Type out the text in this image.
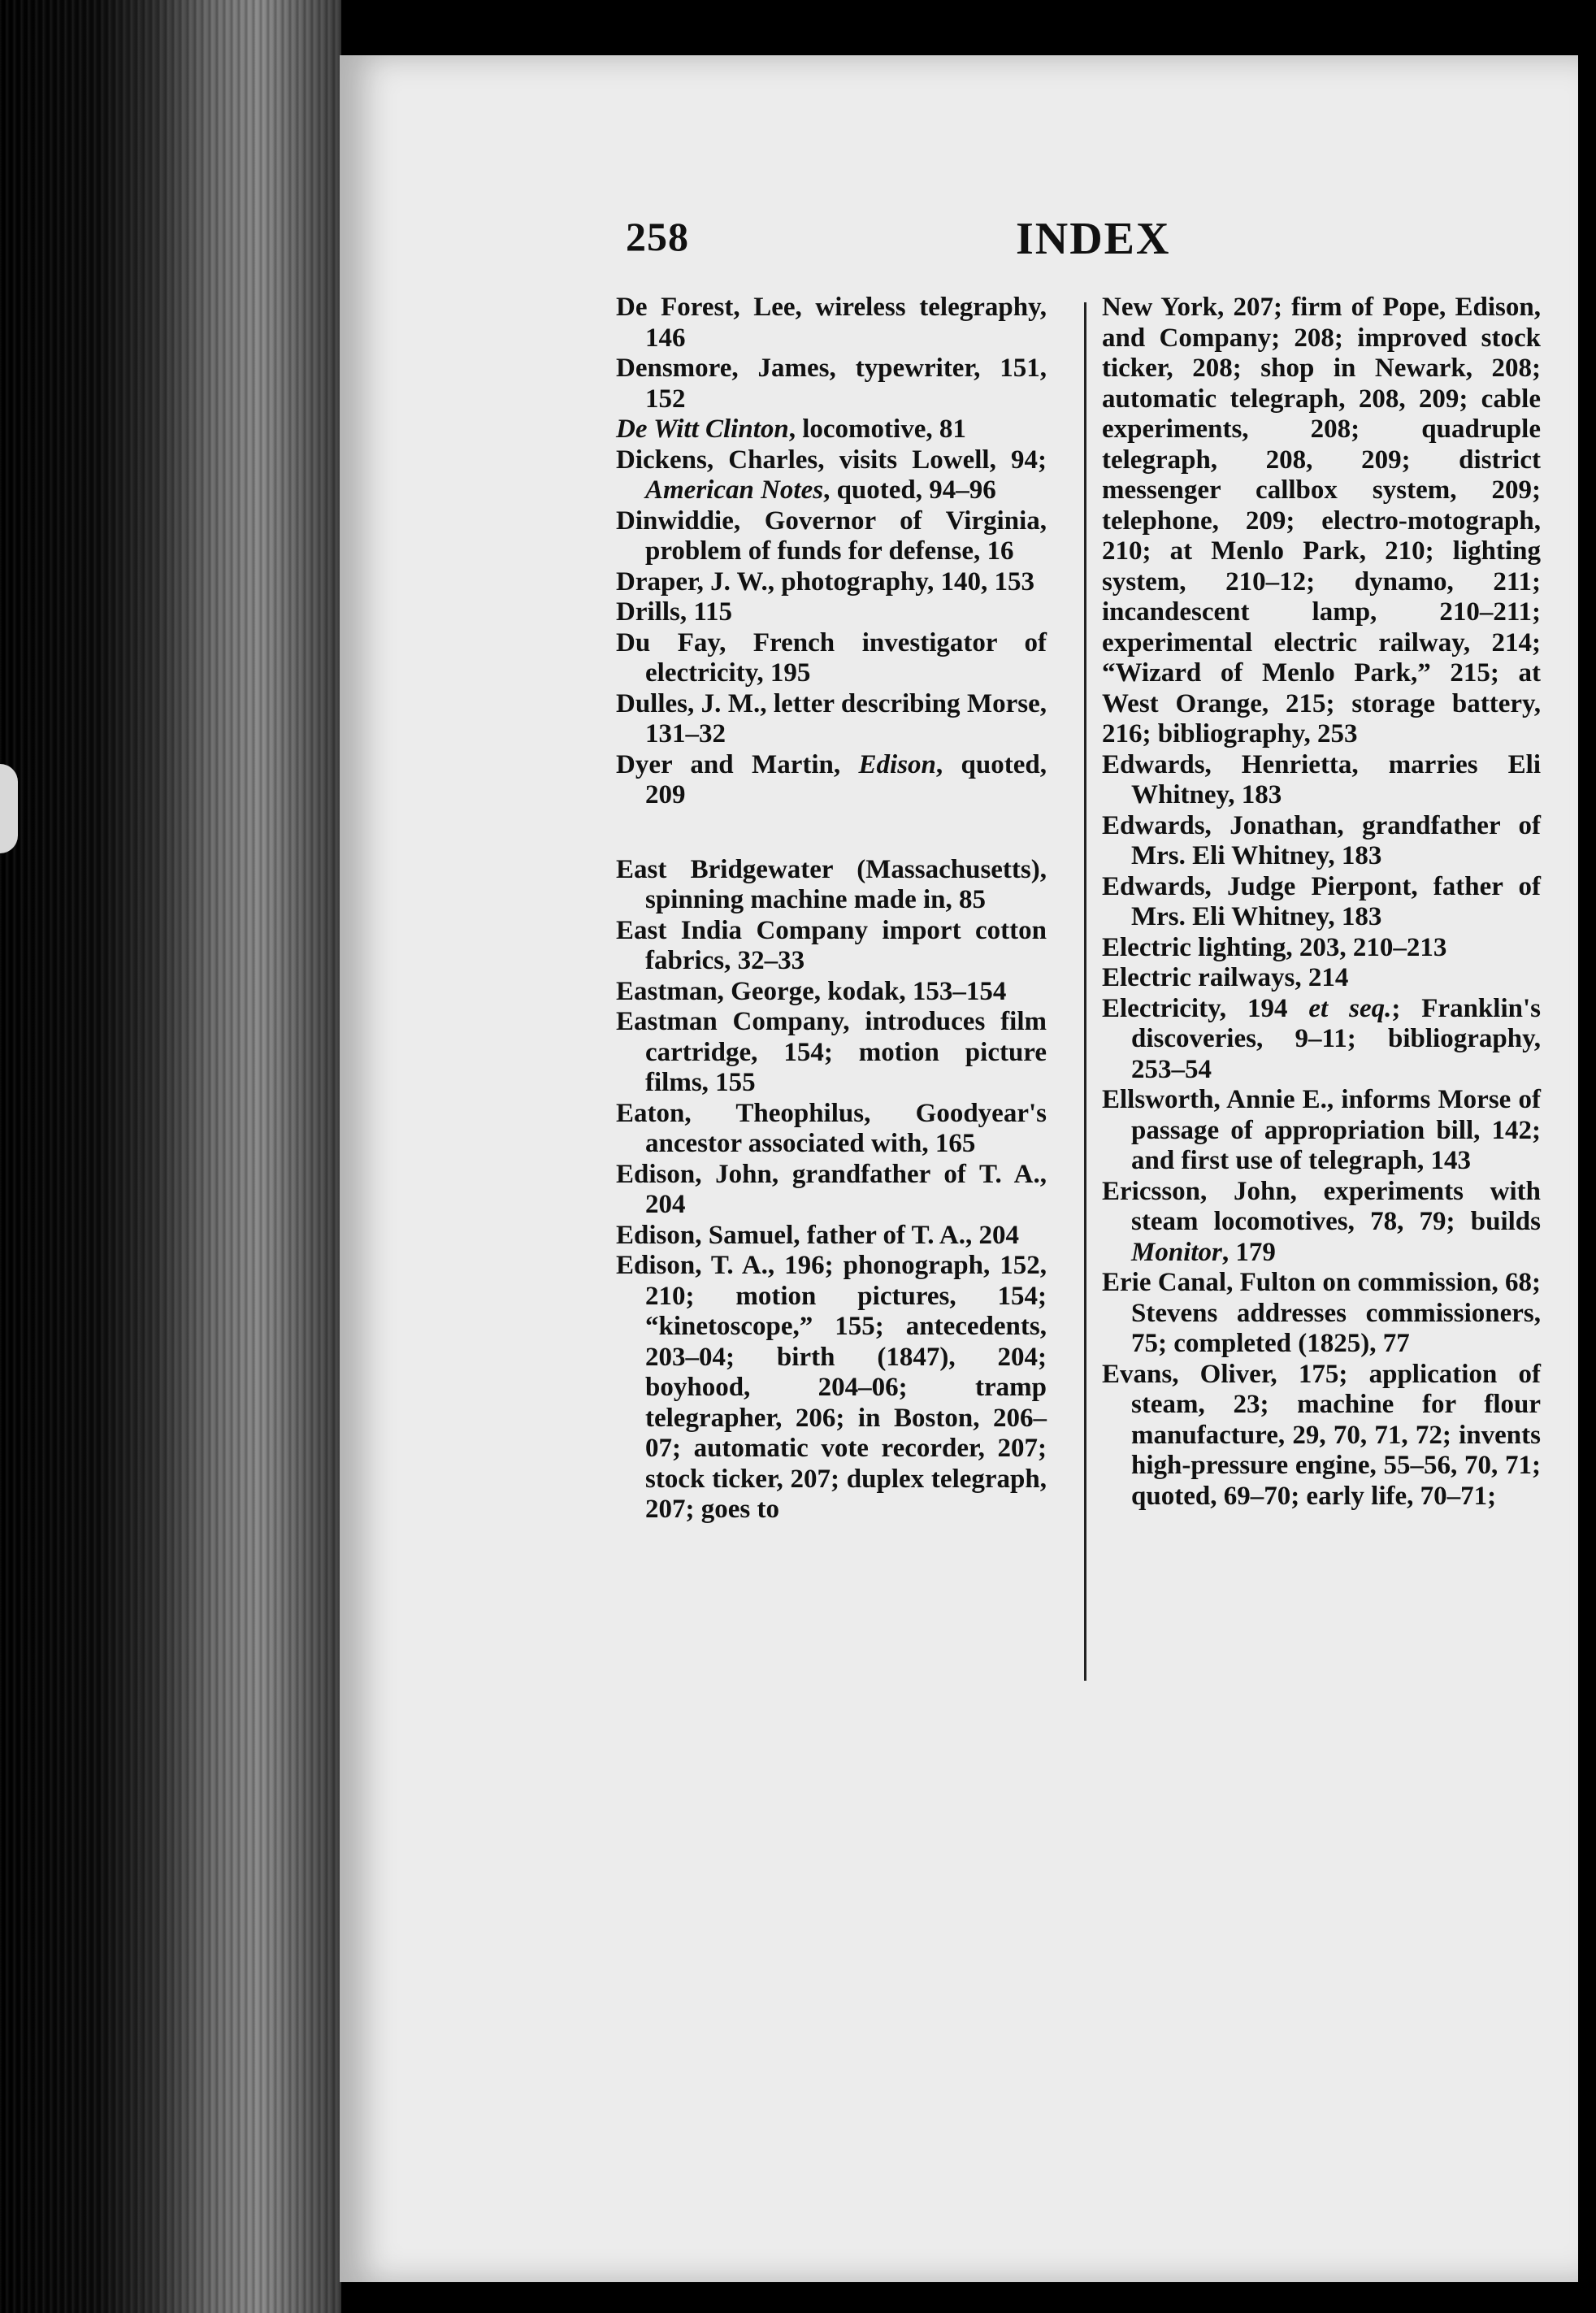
258	INDEX
De Forest, Lee, wireless telegraphy, 146
Densmore, James, typewriter, 151, 152
De Witt Clinton, locomotive, 81
Dickens, Charles, visits Lowell, 94; American Notes, quoted, 94–96
Dinwiddie, Governor of Virginia, problem of funds for defense, 16
Draper, J. W., photography, 140, 153
Drills, 115
Du Fay, French investigator of electricity, 195
Dulles, J. M., letter describing Morse, 131–32
Dyer and Martin, Edison, quoted, 209
East Bridgewater (Massachusetts), spinning machine made in, 85
East India Company import cotton fabrics, 32–33
Eastman, George, kodak, 153–154
Eastman Company, introduces film cartridge, 154; motion picture films, 155
Eaton, Theophilus, Goodyear's ancestor associated with, 165
Edison, John, grandfather of T. A., 204
Edison, Samuel, father of T. A., 204
Edison, T. A., 196; phonograph, 152, 210; motion pictures, 154; “kinetoscope,” 155; antecedents, 203–04; birth (1847), 204; boyhood, 204–06; tramp telegrapher, 206; in Boston, 206–07; automatic vote recorder, 207; stock ticker, 207; duplex telegraph, 207; goes to
New York, 207; firm of Pope, Edison, and Company; 208; improved stock ticker, 208; shop in Newark, 208; automatic telegraph, 208, 209; cable experiments, 208; quadruple telegraph, 208, 209; district messenger callbox system, 209; telephone, 209; electro-motograph, 210; at Menlo Park, 210; lighting system, 210–12; dynamo, 211; incandescent lamp, 210–211; experimental electric railway, 214; “Wizard of Menlo Park,” 215; at West Orange, 215; storage battery, 216; bibliography, 253
Edwards, Henrietta, marries Eli Whitney, 183
Edwards, Jonathan, grandfather of Mrs. Eli Whitney, 183
Edwards, Judge Pierpont, father of Mrs. Eli Whitney, 183
Electric lighting, 203, 210–213
Electric railways, 214
Electricity, 194 et seq.; Franklin's discoveries, 9–11; bibliography, 253–54
Ellsworth, Annie E., informs Morse of passage of appropriation bill, 142; and first use of telegraph, 143
Ericsson, John, experiments with steam locomotives, 78, 79; builds Monitor, 179
Erie Canal, Fulton on commission, 68; Stevens addresses commissioners, 75; completed (1825), 77
Evans, Oliver, 175; application of steam, 23; machine for flour manufacture, 29, 70, 71, 72; invents high-pressure engine, 55–56, 70, 71; quoted, 69–70; early life, 70–71;
